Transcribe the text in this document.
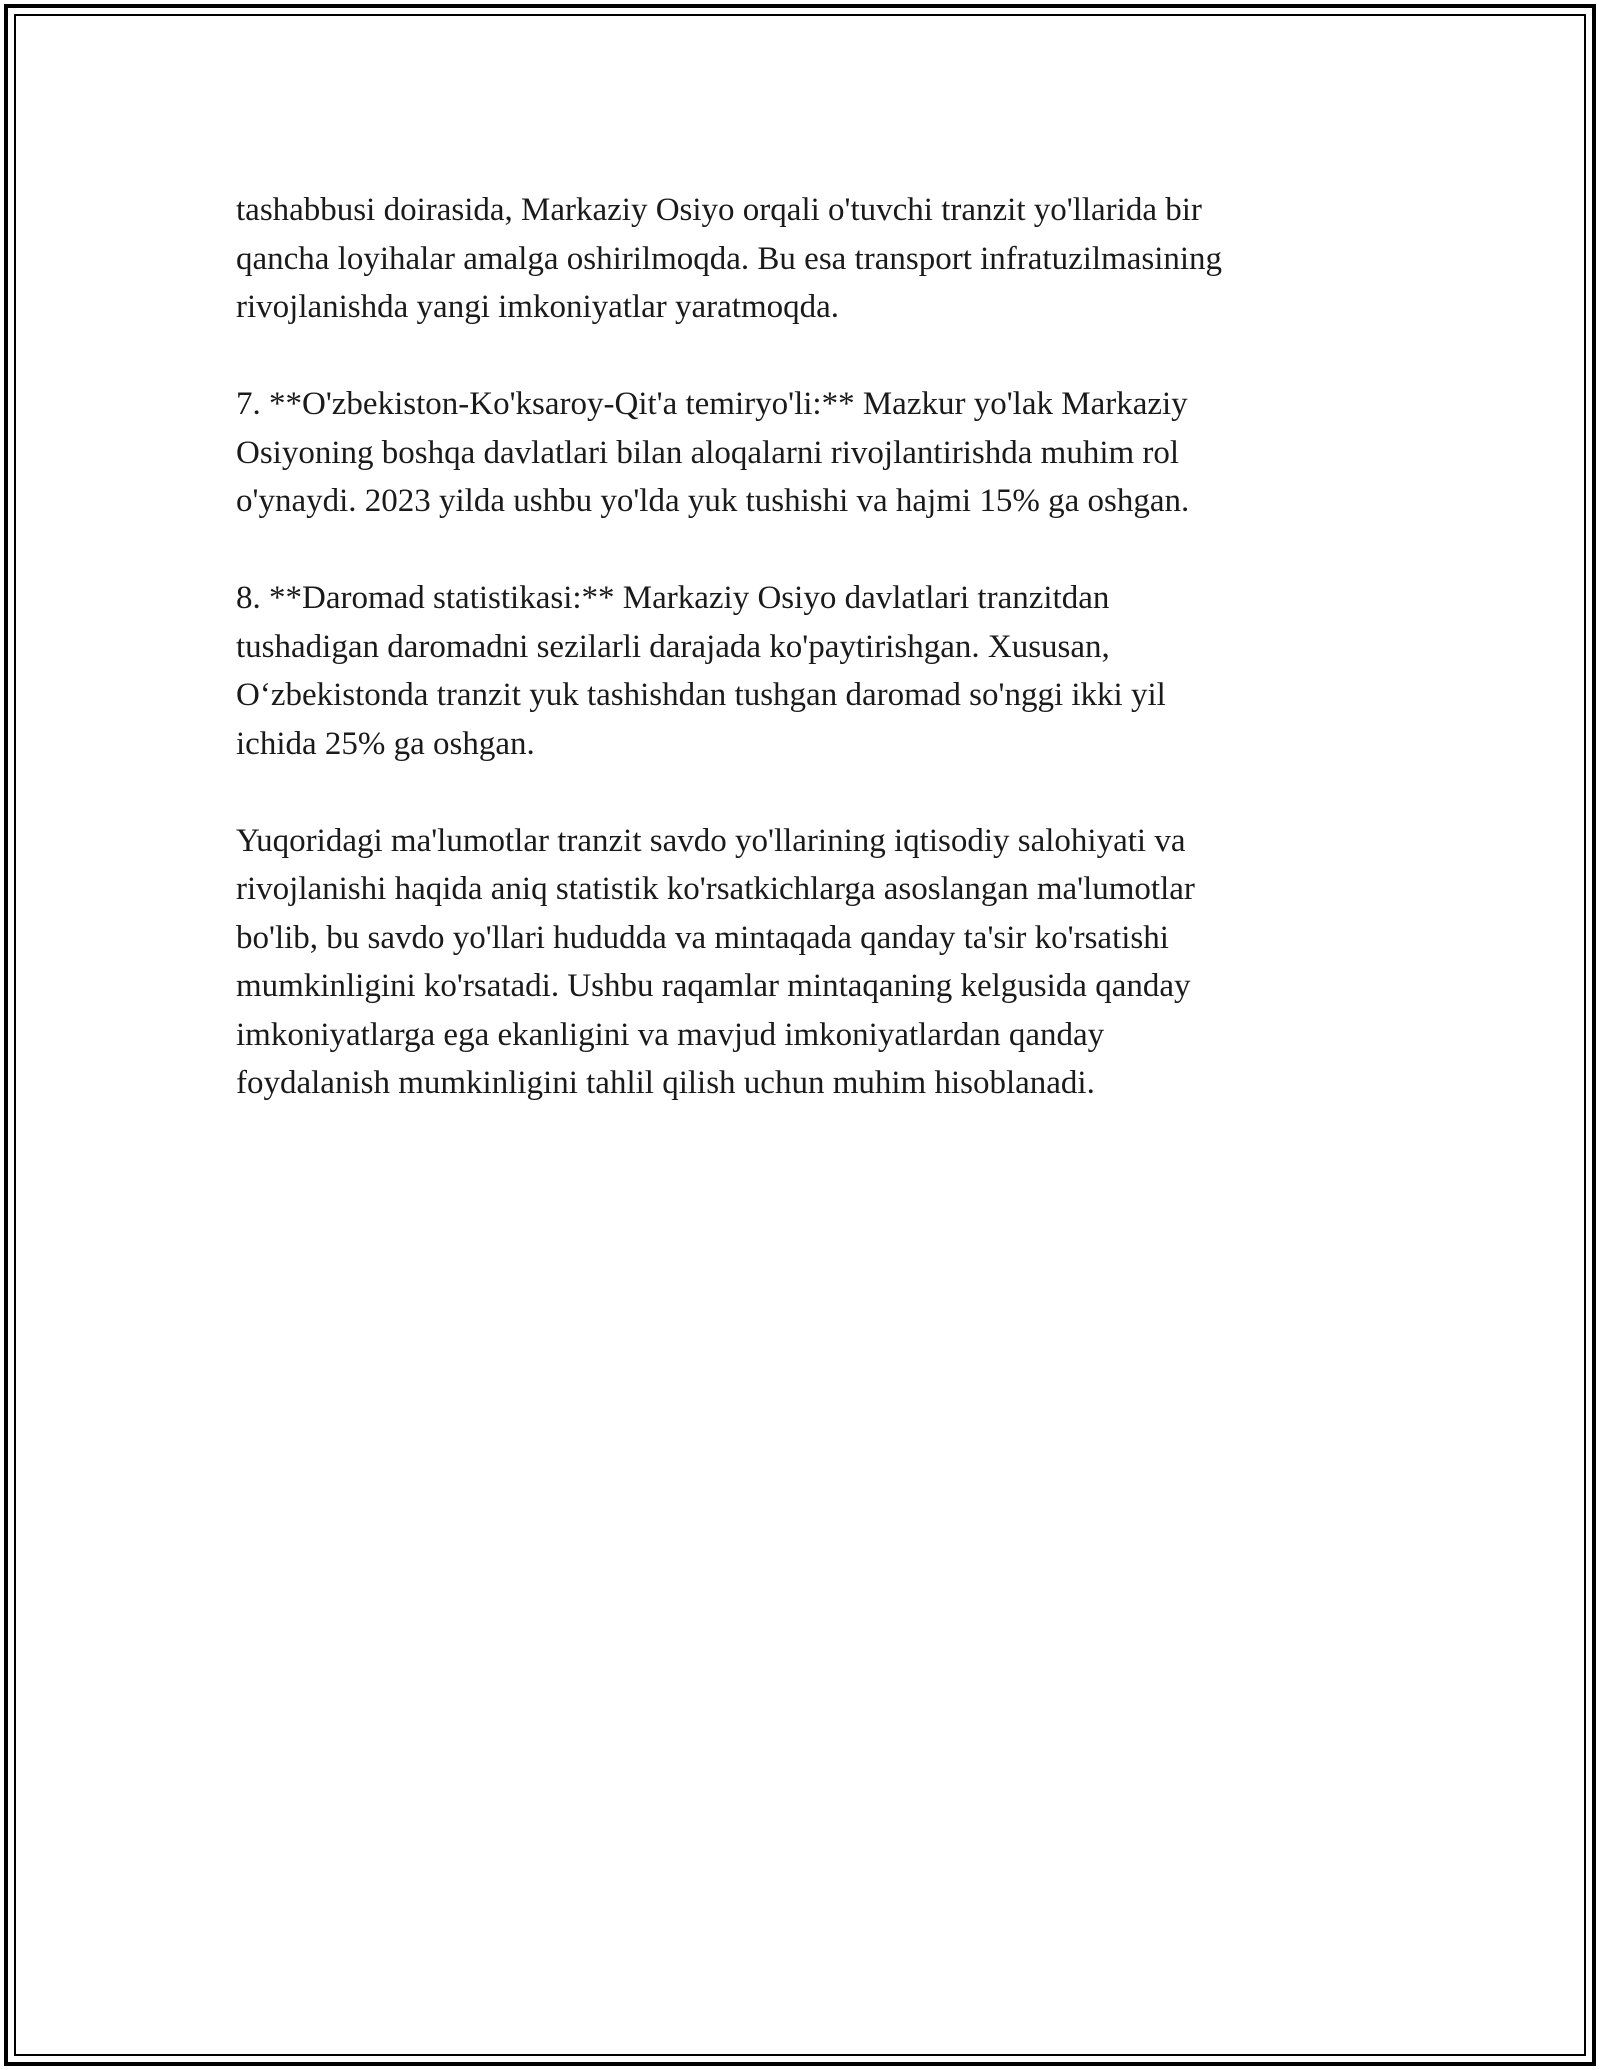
tashabbusi doirasida, Markaziy Osiyo orqali o'tuvchi tranzit yo'llarida bir
qancha loyihalar amalga oshirilmoqda. Bu esa transport infratuzilmasining
rivojlanishda yangi imkoniyatlar yaratmoqda.

7. **O'zbekiston-Ko'ksaroy-Qit'a temiryo'li:** Mazkur yo'lak Markaziy
Osiyoning boshqa davlatlari bilan aloqalarni rivojlantirishda muhim rol
o'ynaydi. 2023 yilda ushbu yo'lda yuk tushishi va hajmi 15% ga oshgan.

8. **Daromad statistikasi:** Markaziy Osiyo davlatlari tranzitdan
tushadigan daromadni sezilarli darajada ko'paytirishgan. Xususan,
O‘zbekistonda tranzit yuk tashishdan tushgan daromad so'nggi ikki yil
ichida 25% ga oshgan.

Yuqoridagi ma'lumotlar tranzit savdo yo'llarining iqtisodiy salohiyati va
rivojlanishi haqida aniq statistik ko'rsatkichlarga asoslangan ma'lumotlar
bo'lib, bu savdo yo'llari hududda va mintaqada qanday ta'sir ko'rsatishi
mumkinligini ko'rsatadi. Ushbu raqamlar mintaqaning kelgusida qanday
imkoniyatlarga ega ekanligini va mavjud imkoniyatlardan qanday
foydalanish mumkinligini tahlil qilish uchun muhim hisoblanadi.
